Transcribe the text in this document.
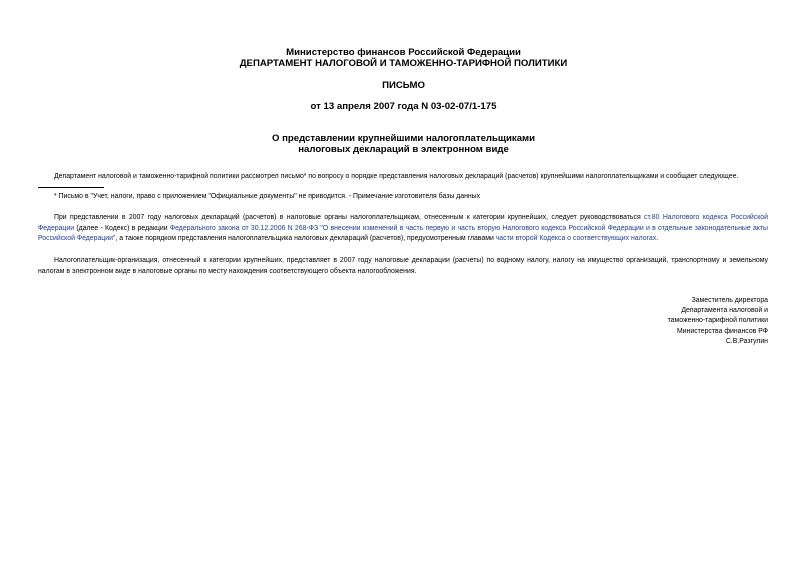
Министерство финансов Российской Федерации
ДЕПАРТАМЕНТ НАЛОГОВОЙ И ТАМОЖЕННО-ТАРИФНОЙ ПОЛИТИКИ
ПИСЬМО
от 13 апреля 2007 года N 03-02-07/1-175
О представлении крупнейшими налогоплательщиками
налоговых деклараций в электронном виде
Департамент налоговой и таможенно-тарифной политики рассмотрел письмо* по вопросу о порядке представления налоговых деклараций (расчетов) крупнейшими налогоплательщиками и сообщает следующее.
* Письмо в "Учет, налоги, право с приложением "Официальные документы" не приводится. - Примечание изготовителя базы данных
При представлении в 2007 году налоговых деклараций (расчетов) в налоговые органы налогоплательщикам, отнесенным к категории крупнейших, следует руководствоваться ст.80 Налогового кодекса Российской Федерации (далее - Кодекс) в редакции Федерального закона от 30.12.2006 N 268-ФЗ "О внесении изменений в часть первую и часть вторую Налогового кодекса Российской Федерации и в отдельные законодательные акты Российской Федерации", а также порядком представления налогоплательщика налоговых деклараций (расчетов), предусмотренным главами части второй Кодекса о соответствующих налогах.
Налогоплательщик-организация, отнесенный к категории крупнейших, представляет в 2007 году налоговые декларации (расчеты) по водному налогу, налогу на имущество организаций, транспортному и земельному налогам в электронном виде в налоговые органы по месту нахождения соответствующего объекта налогообложения.
Заместитель директора
Департамента налоговой и
таможенно-тарифной политики
Министерства финансов РФ
С.В.Разгулин
